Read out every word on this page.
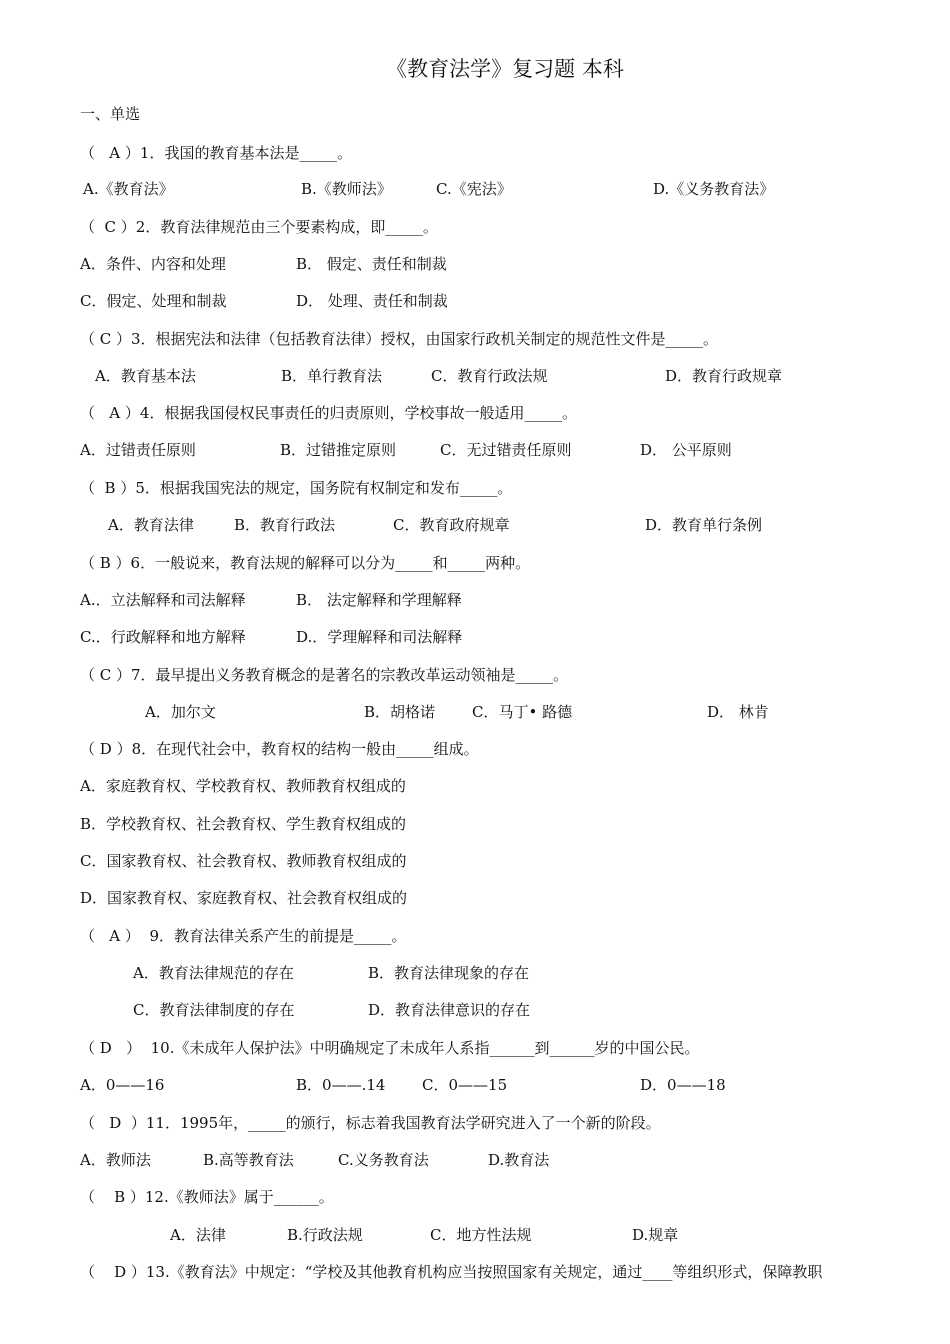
《教育法学》复习题 本科
一、单选
（   A ）1．我国的教育基本法是_____。
A.《教育法》	B.《教师法》	C.《宪法》	D.《义务教育法》
（  C ）2．教育法律规范由三个要素构成，即_____。
A．条件、内容和处理	B． 假定、责任和制裁
C．假定、处理和制裁	D． 处理、责任和制裁
（ C ）3．根据宪法和法律（包括教育法律）授权，由国家行政机关制定的规范性文件是_____。
A．教育基本法	B．单行教育法	C．教育行政法规	D．教育行政规章
（   A ）4．根据我国侵权民事责任的归责原则，学校事故一般适用_____。
A．过错责任原则	B．过错推定原则	C．无过错责任原则	D． 公平原则
（  B ）5．根据我国宪法的规定，国务院有权制定和发布_____。
A．教育法律	B．教育行政法	C．教育政府规章	D．教育单行条例
（ B ）6．一般说来，教育法规的解释可以分为_____和_____两种。
A.．立法解释和司法解释	B． 法定解释和学理解释
C.．行政解释和地方解释	D.．学理解释和司法解释
（ C ）7．最早提出义务教育概念的是著名的宗教改革运动领袖是_____。
A．加尔文	B．胡格诺 C．马丁• 路德	D． 林肯
（ D ）8．在现代社会中，教育权的结构一般由_____组成。
A．家庭教育权、学校教育权、教师教育权组成的
B．学校教育权、社会教育权、学生教育权组成的
C．国家教育权、社会教育权、教师教育权组成的
D．国家教育权、家庭教育权、社会教育权组成的
（   A ）  9．教育法律关系产生的前提是_____。
A．教育法律规范的存在	B．教育法律现象的存在
C．教育法律制度的存在	D．教育法律意识的存在
（ D   ）  10.《未成年人保护法》中明确规定了未成年人系指______到______岁的中国公民。
A．0——16	B．0——.14 C．0——15	D．0——18
（   D  ）11．1995年，_____的颁行，标志着我国教育法学研究进入了一个新的阶段。
A．教师法	B.高等教育法	C.义务教育法	D.教育法
（    B ）12.《教师法》属于______。
A．法律	B.行政法规	C．地方性法规	D.规章
（    D ）13.《教育法》中规定：“学校及其他教育机构应当按照国家有关规定，通过____等组织形式，保障教职
